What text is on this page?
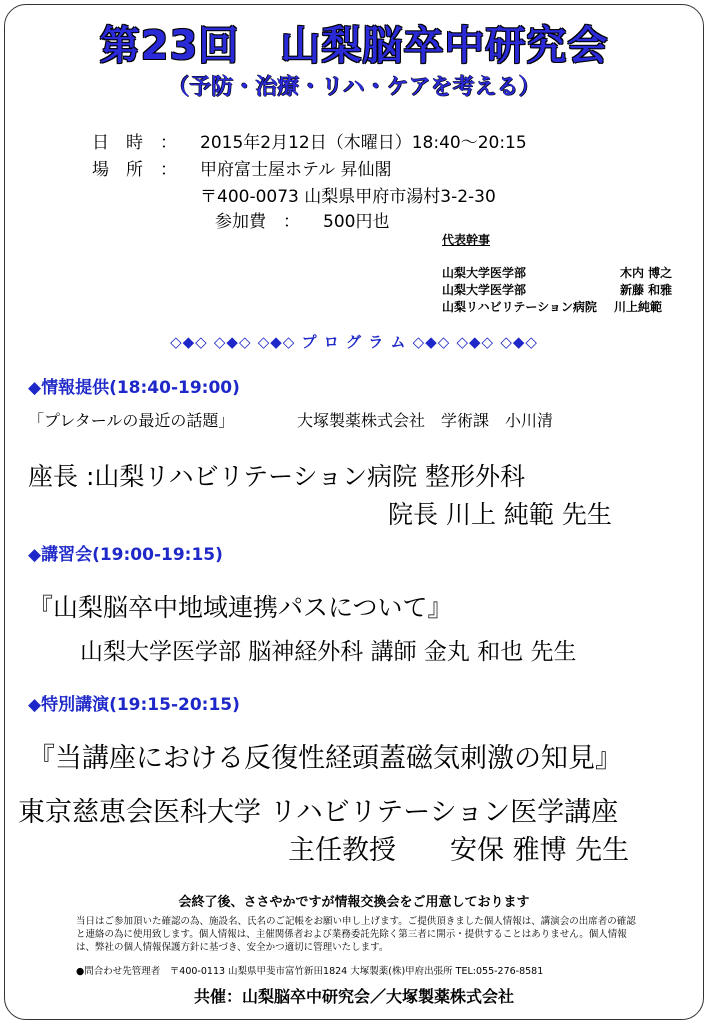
第23回　山梨脳卒中研究会
（予防・治療・リハ・ケアを考える）
日　時　： 2015年2月12日（木曜日）18:40〜20:15
場　所　： 甲府富士屋ホテル 昇仙閣
〒400-0073 山梨県甲府市湯村3-2-30
参加費　： 500円也
代表幹事
山梨大学医学部	木内 博之
山梨大学医学部	新藤 和雅
山梨リハビリテーション病院 川上純範
◇◆◇ ◇◆◇ ◇◆◇ プ ロ グ ラ ム ◇◆◇ ◇◆◇ ◇◆◇
◆情報提供(18:40-19:00)
「プレタールの最近の話題」	大塚製薬株式会社　学術課　小川清
座長 :山梨リハビリテーション病院 整形外科
院長 川上 純範 先生
◆講習会(19:00-19:15)
『山梨脳卒中地域連携パスについて』
山梨大学医学部 脳神経外科 講師 金丸 和也 先生
◆特別講演(19:15-20:15)
『当講座における反復性経頭蓋磁気刺激の知見』
東京慈恵会医科大学 リハビリテーション医学講座
主任教授　　安保 雅博 先生
会終了後、ささやかですが情報交換会をご用意しております
当日はご参加頂いた確認の為、施設名、氏名のご記帳をお願い申し上げます。ご提供頂きました個人情報は、講演会の出席者の確認と連絡の為に使用致します。個人情報は、主催関係者および業務委託先除く第三者に開示・提供することはありません。個人情報は、弊社の個人情報保護方針に基づき、安全かつ適切に管理いたします。
●問合わせ先管理者　〒400-0113 山梨県甲斐市富竹新田1824 大塚製薬(株)甲府出張所 TEL:055-276-8581
共催：山梨脳卒中研究会／大塚製薬株式会社
